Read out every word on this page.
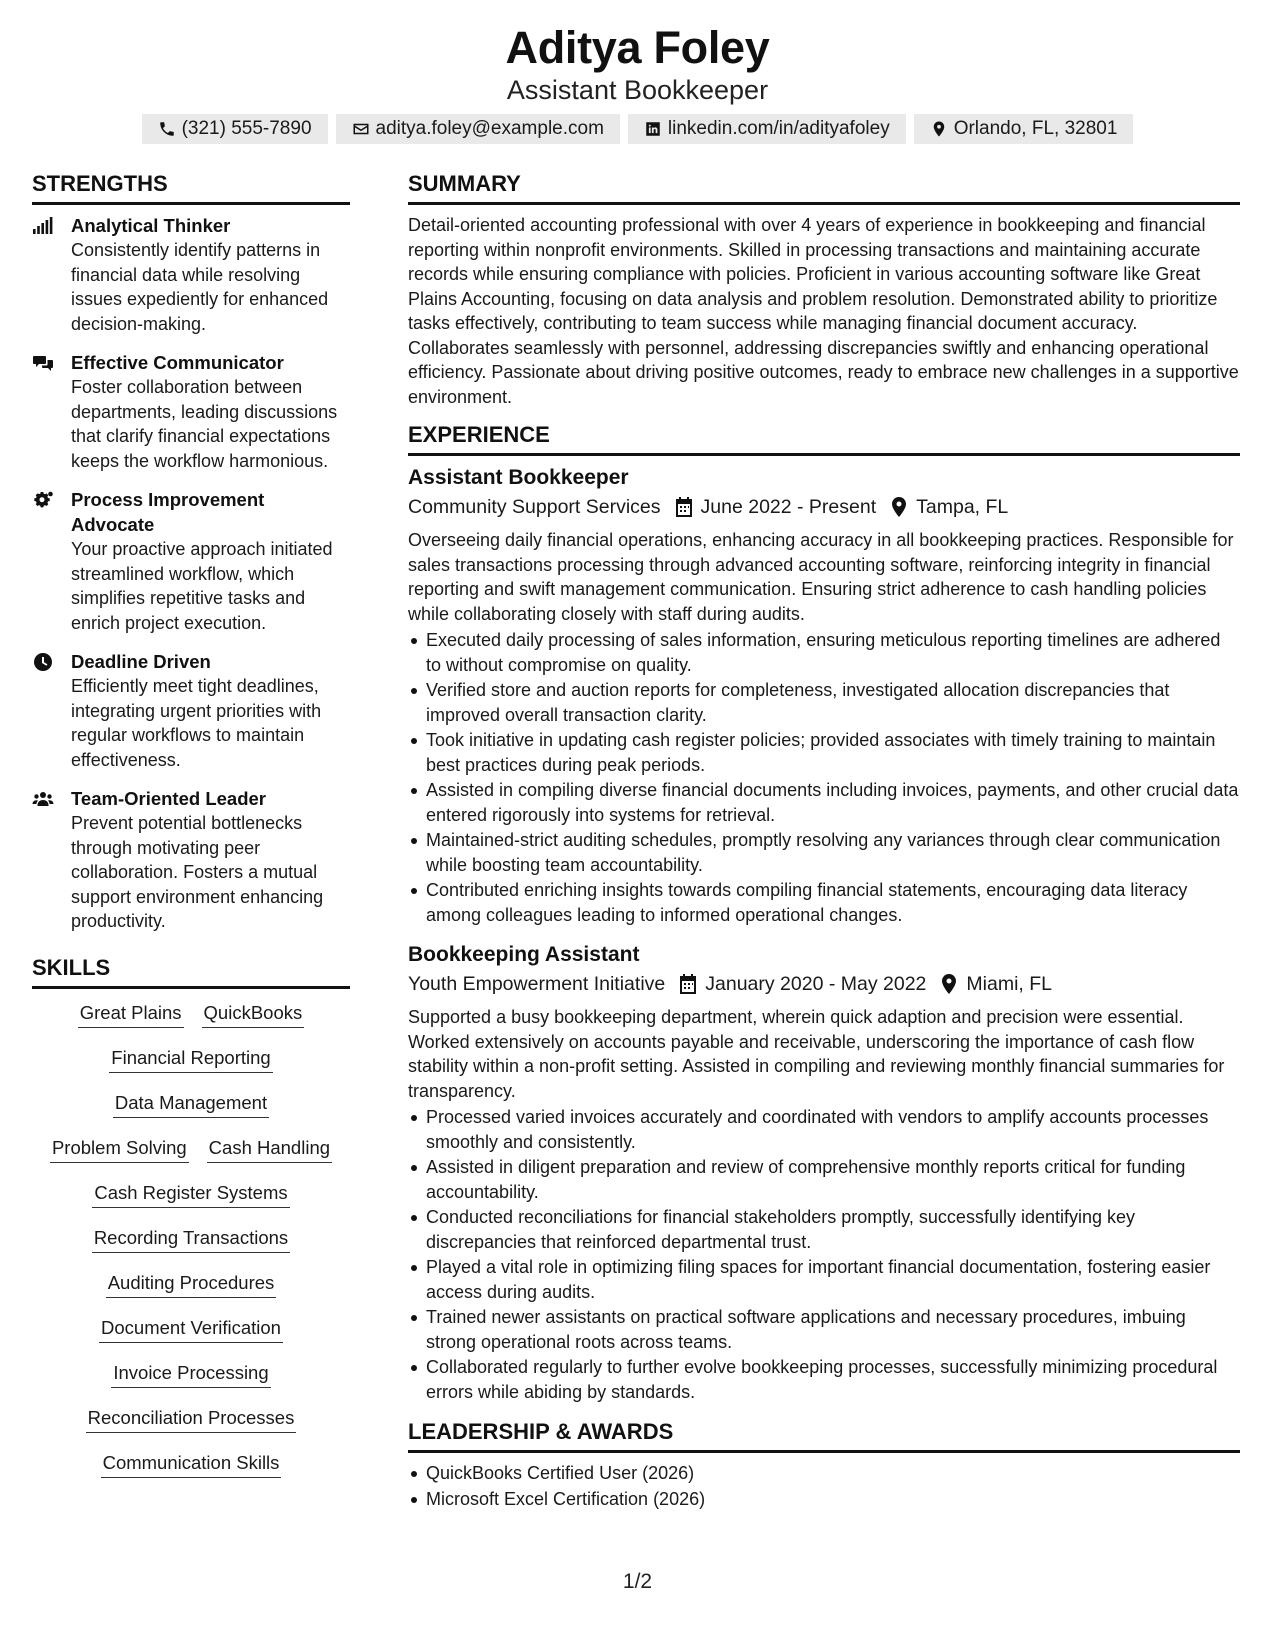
Aditya Foley
Assistant Bookkeeper
(321) 555-7890	aditya.foley@example.com	linkedin.com/in/adityafoley	Orlando, FL, 32801
STRENGTHS
Analytical Thinker
Consistently identify patterns in financial data while resolving issues expediently for enhanced decision-making.
Effective Communicator
Foster collaboration between departments, leading discussions that clarify financial expectations keeps the workflow harmonious.
Process Improvement Advocate
Your proactive approach initiated streamlined workflow, which simplifies repetitive tasks and enrich project execution.
Deadline Driven
Efficiently meet tight deadlines, integrating urgent priorities with regular workflows to maintain effectiveness.
Team-Oriented Leader
Prevent potential bottlenecks through motivating peer collaboration. Fosters a mutual support environment enhancing productivity.
SKILLS
Great Plains QuickBooks
Financial Reporting
Data Management
Problem Solving Cash Handling
Cash Register Systems
Recording Transactions
Auditing Procedures
Document Verification
Invoice Processing
Reconciliation Processes
Communication Skills
SUMMARY

Detail-oriented accounting professional with over 4 years of experience in bookkeeping and financial reporting within nonprofit environments. Skilled in processing transactions and maintaining accurate records while ensuring compliance with policies. Proficient in various accounting software like Great Plains Accounting, focusing on data analysis and problem resolution. Demonstrated ability to prioritize tasks effectively, contributing to team success while managing financial document accuracy. Collaborates seamlessly with personnel, addressing discrepancies swiftly and enhancing operational efficiency. Passionate about driving positive outcomes, ready to embrace new challenges in a supportive environment.

EXPERIENCE
Assistant Bookkeeper
Community Support Services June 2022 - Present Tampa, FL

Overseeing daily financial operations, enhancing accuracy in all bookkeeping practices. Responsible for sales transactions processing through advanced accounting software, reinforcing integrity in financial reporting and swift management communication. Ensuring strict adherence to cash handling policies while collaborating closely with staff during audits.

Executed daily processing of sales information, ensuring meticulous reporting timelines are adhered to without compromise on quality.
Verified store and auction reports for completeness, investigated allocation discrepancies that improved overall transaction clarity.
Took initiative in updating cash register policies; provided associates with timely training to maintain best practices during peak periods.
Assisted in compiling diverse financial documents including invoices, payments, and other crucial data entered rigorously into systems for retrieval.
Maintained-strict auditing schedules, promptly resolving any variances through clear communication while boosting team accountability.
Contributed enriching insights towards compiling financial statements, encouraging data literacy among colleagues leading to informed operational changes.
Bookkeeping Assistant
Youth Empowerment Initiative January 2020 - May 2022 Miami, FL

Supported a busy bookkeeping department, wherein quick adaption and precision were essential. Worked extensively on accounts payable and receivable, underscoring the importance of cash flow stability within a non-profit setting. Assisted in compiling and reviewing monthly financial summaries for transparency.

Processed varied invoices accurately and coordinated with vendors to amplify accounts processes smoothly and consistently.
Assisted in diligent preparation and review of comprehensive monthly reports critical for funding accountability.
Conducted reconciliations for financial stakeholders promptly, successfully identifying key discrepancies that reinforced departmental trust.
Played a vital role in optimizing filing spaces for important financial documentation, fostering easier access during audits.
Trained newer assistants on practical software applications and necessary procedures, imbuing strong operational roots across teams.
Collaborated regularly to further evolve bookkeeping processes, successfully minimizing procedural errors while abiding by standards.
LEADERSHIP & AWARDS
QuickBooks Certified User (2026)
Microsoft Excel Certification (2026)
1/2
